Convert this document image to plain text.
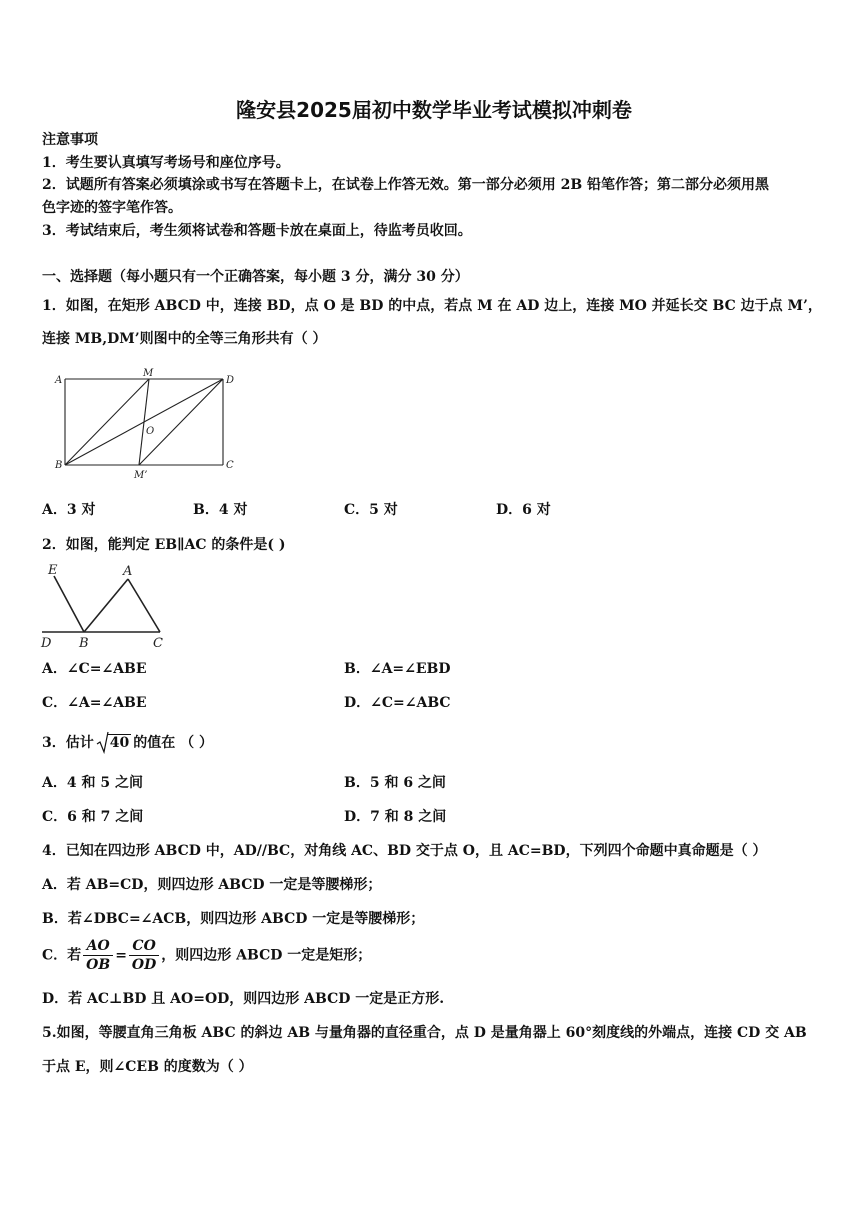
隆安县2025届初中数学毕业考试模拟冲刺卷
注意事项
1．考生要认真填写考场号和座位序号。
2．试题所有答案必须填涂或书写在答题卡上，在试卷上作答无效。第一部分必须用 2B 铅笔作答；第二部分必须用黑
色字迹的签字笔作答。
3．考试结束后，考生须将试卷和答题卡放在桌面上，待监考员收回。
一、选择题（每小题只有一个正确答案，每小题 3 分，满分 30 分）
1．如图，在矩形 ABCD 中，连接 BD，点 O 是 BD 的中点，若点 M 在 AD 边上，连接 MO 并延长交 BC 边于点 M’，
连接 MB,DM’则图中的全等三角形共有（ ）
A
M
D
O
B
M’
C
A．3 对	B．4 对	C．5 对	D．6 对
2．如图，能判定 EB∥AC 的条件是( )
E	A
D B	C
A．∠C=∠ABE	B．∠A=∠EBD
C．∠A=∠ABE	D．∠C=∠ABC
3．估计 40 的值在 （ ）
A．4 和 5 之间	B．5 和 6 之间
C．6 和 7 之间	D．7 和 8 之间
4．已知在四边形 ABCD 中，AD//BC，对角线 AC、BD 交于点 O，且 AC=BD，下列四个命题中真命题是（ ）
A．若 AB=CD，则四边形 ABCD 一定是等腰梯形；
B．若∠DBC=∠ACB，则四边形 ABCD 一定是等腰梯形；
C．若 $\frac{AO}{OB} = \frac{CO}{OD}$ ，则四边形 ABCD 一定是矩形；
D．若 AC⊥BD 且 AO=OD，则四边形 ABCD 一定是正方形.
5.如图，等腰直角三角板 ABC 的斜边 AB 与量角器的直径重合，点 D 是量角器上 60°刻度线的外端点，连接 CD 交 AB
于点 E，则∠CEB 的度数为（ ）
